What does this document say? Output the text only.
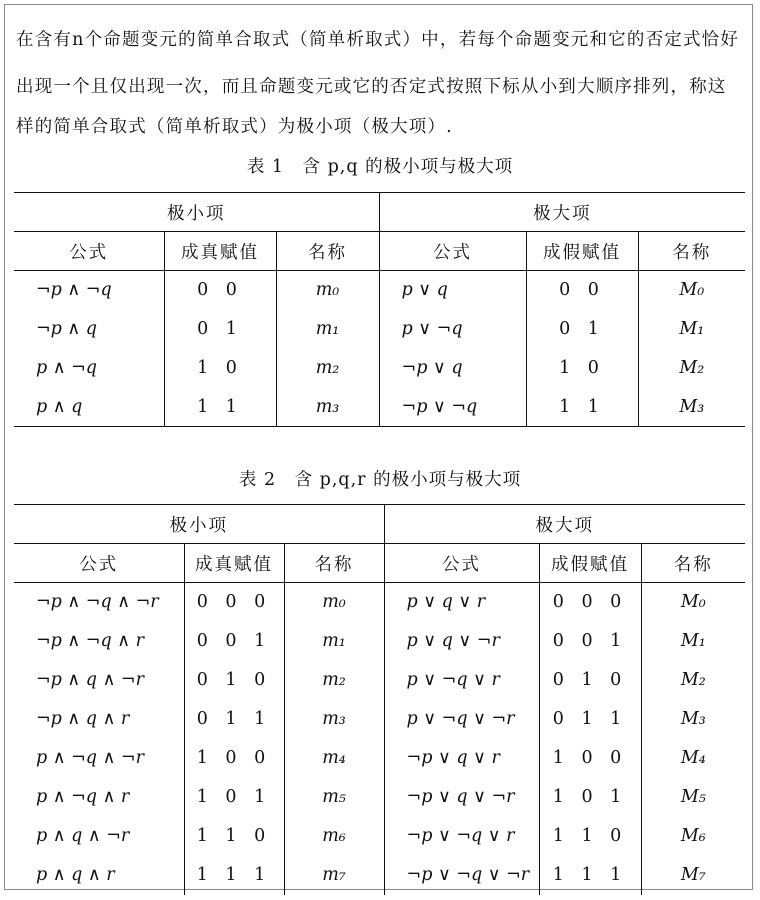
在含有n个命题变元的简单合取式（简单析取式）中，若每个命题变元和它的否定式恰好
出现一个且仅出现一次，而且命题变元或它的否定式按照下标从小到大顺序排列，称这
样的简单合取式（简单析取式）为极小项（极大项）.
表 1　含 p,q 的极小项与极大项
极小项			极大项		
公式	成真赋值	名称	公式	成假赋值	名称
¬p ∧ ¬q	0 0	m₀	p ∨ q	0 0	M₀
¬p ∧ q	0 1	m₁	p ∨ ¬q	0 1	M₁
p ∧ ¬q	1 0	m₂	¬p ∨ q	1 0	M₂
p ∧ q	1 1	m₃	¬p ∨ ¬q	1 1	M₃
表 2　含 p,q,r 的极小项与极大项
极小项			极大项		
公式	成真赋值	名称	公式	成假赋值	名称
¬p ∧ ¬q ∧ ¬r	0 0 0	m₀	p ∨ q ∨ r	0 0 0	M₀
¬p ∧ ¬q ∧ r	0 0 1	m₁	p ∨ q ∨ ¬r	0 0 1	M₁
¬p ∧ q ∧ ¬r	0 1 0	m₂	p ∨ ¬q ∨ r	0 1 0	M₂
¬p ∧ q ∧ r	0 1 1	m₃	p ∨ ¬q ∨ ¬r	0 1 1	M₃
p ∧ ¬q ∧ ¬r	1 0 0	m₄	¬p ∨ q ∨ r	1 0 0	M₄
p ∧ ¬q ∧ r	1 0 1	m₅	¬p ∨ q ∨ ¬r	1 0 1	M₅
p ∧ q ∧ ¬r	1 1 0	m₆	¬p ∨ ¬q ∨ r	1 1 0	M₆
p ∧ q ∧ r	1 1 1	m₇	¬p ∨ ¬q ∨ ¬r	1 1 1	M₇
